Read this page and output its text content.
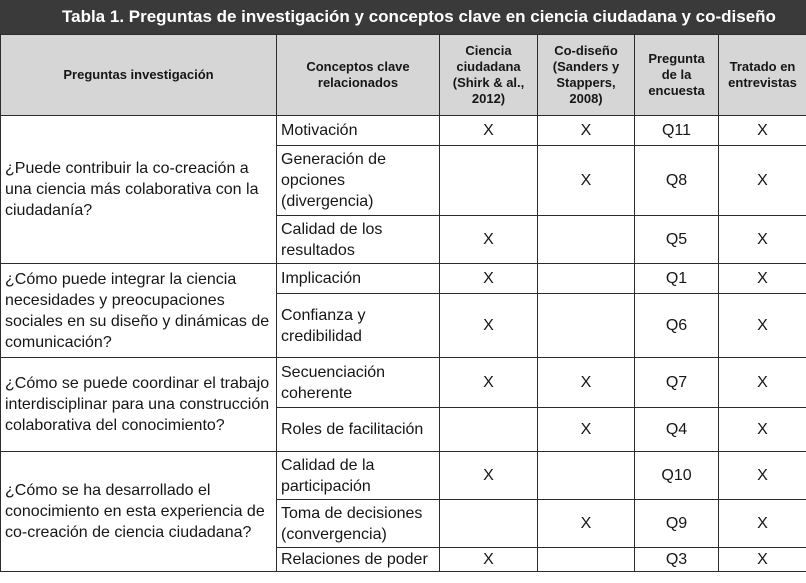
Tabla 1. Preguntas de investigación y conceptos clave en ciencia ciudadana y co-diseño
Preguntas investigación	Conceptos clave relacionados	Ciencia ciudadana (Shirk & al., 2012)	Co-diseño (Sanders y Stappers, 2008)	Pregunta de la encuesta	Tratado en entrevistas
¿Puede contribuir la co-creación a una ciencia más colaborativa con la ciudadanía?	Motivación	X	X	Q11	X
	Generación de opciones (divergencia)		X	Q8	X
	Calidad de los resultados	X		Q5	X
¿Cómo puede integrar la ciencia necesidades y preocupaciones sociales en su diseño y dinámicas de comunicación?	Implicación	X		Q1	X
	Confianza y credibilidad	X		Q6	X
¿Cómo se puede coordinar el trabajo interdisciplinar para una construcción colaborativa del conocimiento?	Secuenciación coherente	X	X	Q7	X
	Roles de facilitación		X	Q4	X
¿Cómo se ha desarrollado el conocimiento en esta experiencia de co-creación de ciencia ciudadana?	Calidad de la participación	X		Q10	X
	Toma de decisiones (convergencia)		X	Q9	X
	Relaciones de poder	X		Q3	X
